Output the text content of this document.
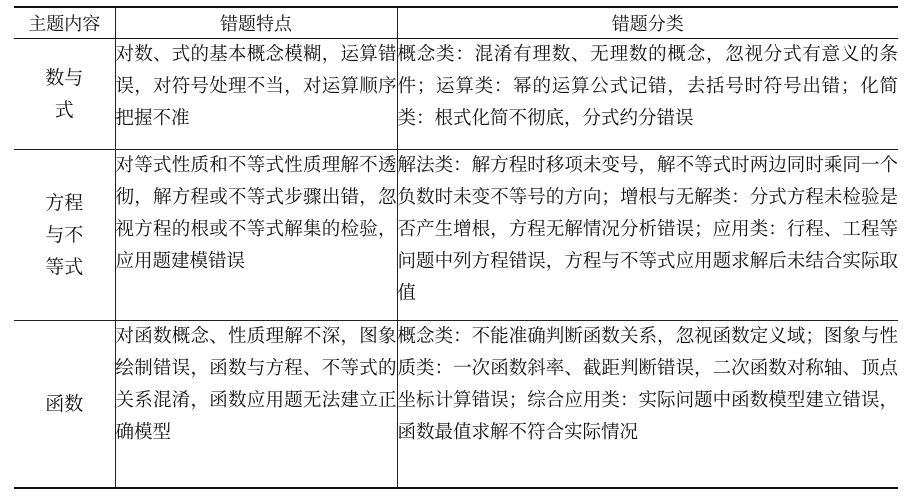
主题内容	错题特点	错题分类
数与式	对数、式的基本概念模糊，运算错误，对符号处理不当，对运算顺序把握不准	概念类：混淆有理数、无理数的概念，忽视分式有意义的条件；运算类：幂的运算公式记错，去括号时符号出错；化简类：根式化简不彻底，分式约分错误
方程与不等式	对等式性质和不等式性质理解不透彻，解方程或不等式步骤出错，忽视方程的根或不等式解集的检验，应用题建模错误	解法类：解方程时移项未变号，解不等式时两边同时乘同一个负数时未变不等号的方向；增根与无解类：分式方程未检验是否产生增根，方程无解情况分析错误；应用类：行程、工程等问题中列方程错误，方程与不等式应用题求解后未结合实际取值
函数	对函数概念、性质理解不深，图象绘制错误，函数与方程、不等式的关系混淆，函数应用题无法建立正确模型	概念类：不能准确判断函数关系，忽视函数定义域；图象与性质类：一次函数斜率、截距判断错误，二次函数对称轴、顶点坐标计算错误；综合应用类：实际问题中函数模型建立错误，函数最值求解不符合实际情况
